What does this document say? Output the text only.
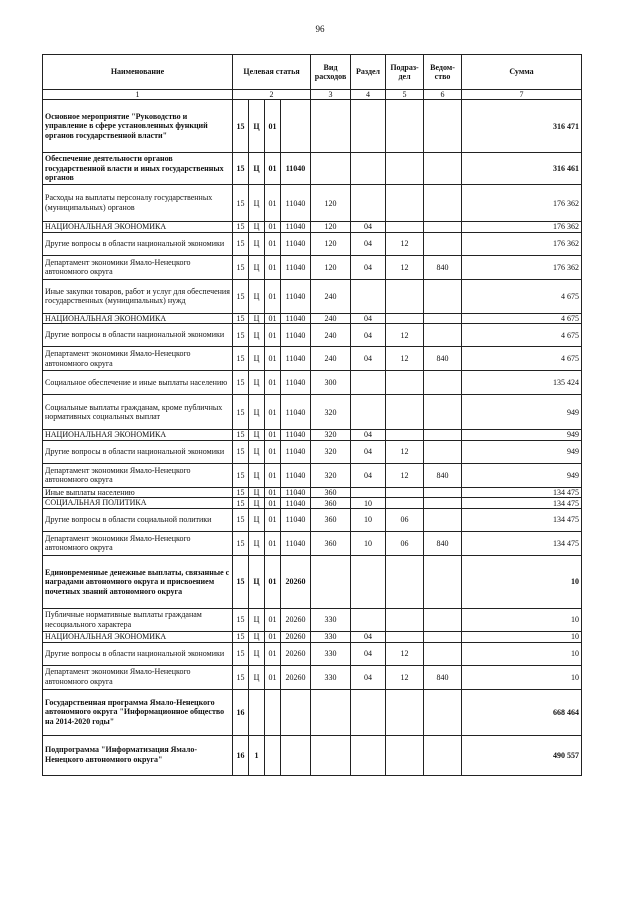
96
Наименование	Целевая статья				Вид расходов	Раздел	Подраз-дел	Ведом-ство	Сумма
1	2				3	4	5	6	7
Основное мероприятие "Руководство и управление в сфере установленных функций органов государственной власти"	15	Ц	01						316 471
Обеспечение деятельности органов государственной власти и иных государственных органов	15	Ц	01	11040					316 461
Расходы на выплаты персоналу государственных (муниципальных) органов	15	Ц	01	11040	120				176 362
НАЦИОНАЛЬНАЯ ЭКОНОМИКА	15	Ц	01	11040	120	04			176 362
Другие вопросы в области национальной экономики	15	Ц	01	11040	120	04	12		176 362
Департамент экономики Ямало-Ненецкого автономного округа	15	Ц	01	11040	120	04	12	840	176 362
Иные закупки товаров, работ и услуг для обеспечения государственных (муниципальных) нужд	15	Ц	01	11040	240				4 675
НАЦИОНАЛЬНАЯ ЭКОНОМИКА	15	Ц	01	11040	240	04			4 675
Другие вопросы в области национальной экономики	15	Ц	01	11040	240	04	12		4 675
Департамент экономики Ямало-Ненецкого автономного округа	15	Ц	01	11040	240	04	12	840	4 675
Социальное обеспечение и иные выплаты населению	15	Ц	01	11040	300				135 424
Социальные выплаты гражданам, кроме публичных нормативных социальных выплат	15	Ц	01	11040	320				949
НАЦИОНАЛЬНАЯ ЭКОНОМИКА	15	Ц	01	11040	320	04			949
Другие вопросы в области национальной экономики	15	Ц	01	11040	320	04	12		949
Департамент экономики Ямало-Ненецкого автономного округа	15	Ц	01	11040	320	04	12	840	949
Иные выплаты населению	15	Ц	01	11040	360				134 475
СОЦИАЛЬНАЯ ПОЛИТИКА	15	Ц	01	11040	360	10			134 475
Другие вопросы в области социальной политики	15	Ц	01	11040	360	10	06		134 475
Департамент экономики Ямало-Ненецкого автономного округа	15	Ц	01	11040	360	10	06	840	134 475
Единовременные денежные выплаты, связанные с наградами автономного округа и присвоением почетных званий автономного округа	15	Ц	01	20260					10
Публичные нормативные выплаты гражданам несоциального характера	15	Ц	01	20260	330				10
НАЦИОНАЛЬНАЯ ЭКОНОМИКА	15	Ц	01	20260	330	04			10
Другие вопросы в области национальной экономики	15	Ц	01	20260	330	04	12		10
Департамент экономики Ямало-Ненецкого автономного округа	15	Ц	01	20260	330	04	12	840	10
Государственная программа Ямало-Ненецкого автономного округа "Информационное общество на 2014-2020 годы"	16								668 464
Подпрограмма "Информатизация Ямало-Ненецкого автономного округа"	16	1							490 557
